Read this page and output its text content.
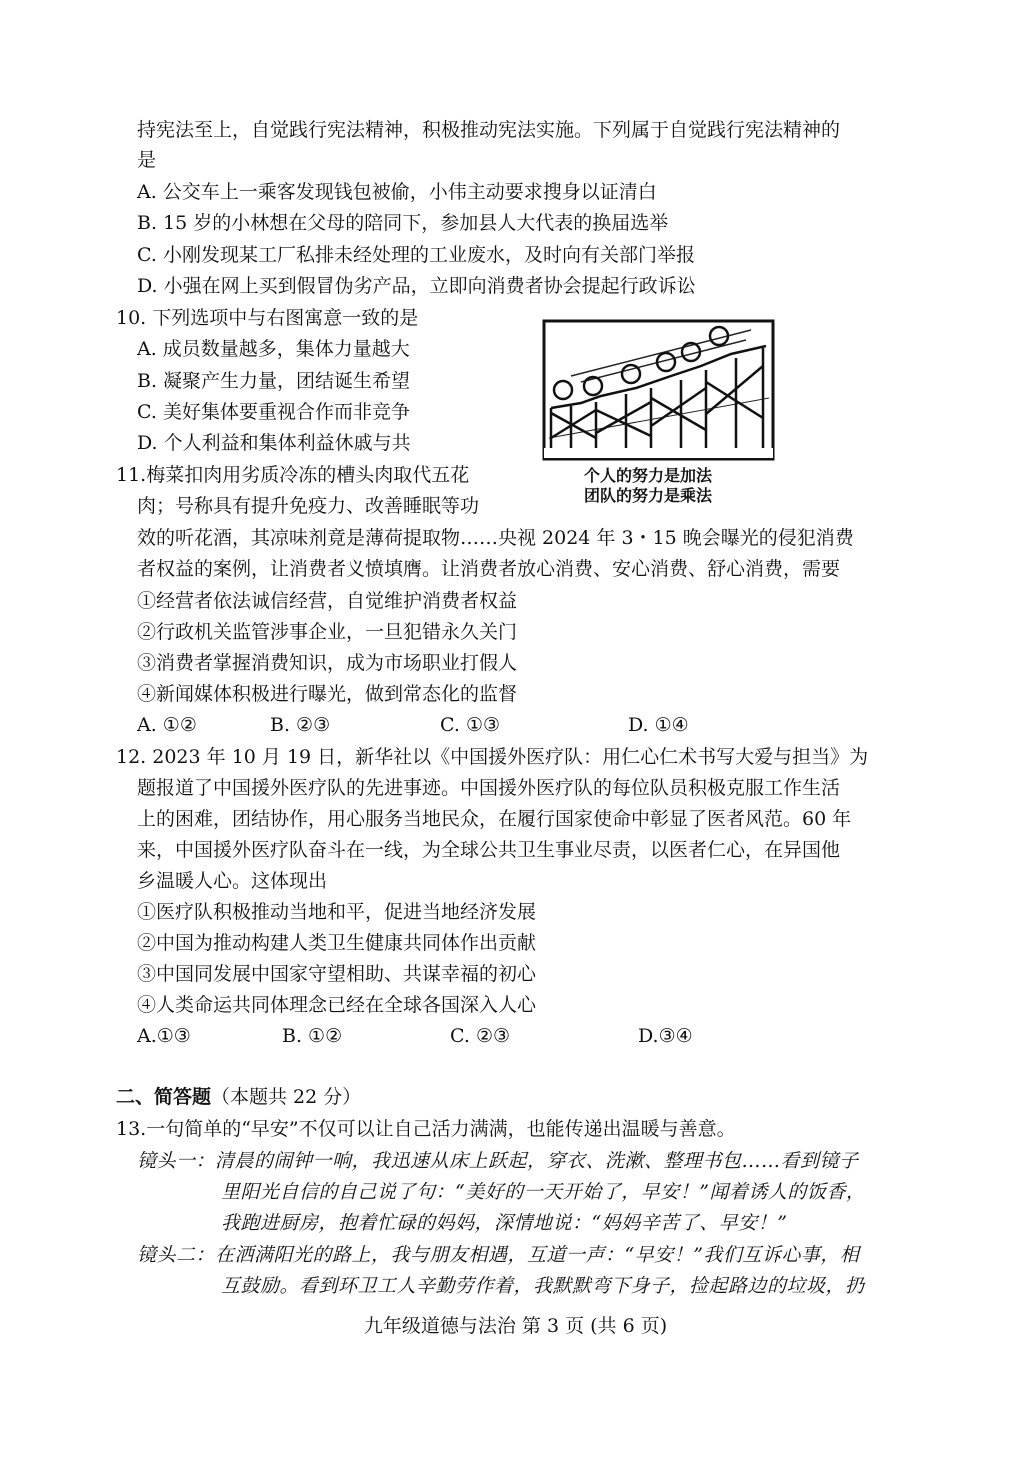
持宪法至上，自觉践行宪法精神，积极推动宪法实施。下列属于自觉践行宪法精神的
是
A. 公交车上一乘客发现钱包被偷，小伟主动要求搜身以证清白
B. 15 岁的小林想在父母的陪同下，参加县人大代表的换届选举
C. 小刚发现某工厂私排未经处理的工业废水，及时向有关部门举报
D. 小强在网上买到假冒伪劣产品，立即向消费者协会提起行政诉讼
10. 下列选项中与右图寓意一致的是
A. 成员数量越多，集体力量越大
B. 凝聚产生力量，团结诞生希望
C. 美好集体要重视合作而非竞争
D. 个人利益和集体利益休戚与共
个人的努力是加法
团队的努力是乘法
11.梅菜扣肉用劣质冷冻的槽头肉取代五花
肉；号称具有提升免疫力、改善睡眠等功
效的听花酒，其凉味剂竟是薄荷提取物……央视 2024 年 3・15 晚会曝光的侵犯消费
者权益的案例，让消费者义愤填膺。让消费者放心消费、安心消费、舒心消费，需要
①经营者依法诚信经营，自觉维护消费者权益
②行政机关监管涉事企业，一旦犯错永久关门
③消费者掌握消费知识，成为市场职业打假人
④新闻媒体积极进行曝光，做到常态化的监督
A. ①②	B. ②③	C. ①③	D. ①④
12. 2023 年 10 月 19 日，新华社以《中国援外医疗队：用仁心仁术书写大爱与担当》为
题报道了中国援外医疗队的先进事迹。中国援外医疗队的每位队员积极克服工作生活
上的困难，团结协作，用心服务当地民众，在履行国家使命中彰显了医者风范。60 年
来，中国援外医疗队奋斗在一线，为全球公共卫生事业尽责，以医者仁心，在异国他
乡温暖人心。这体现出
①医疗队积极推动当地和平，促进当地经济发展
②中国为推动构建人类卫生健康共同体作出贡献
③中国同发展中国家守望相助、共谋幸福的初心
④人类命运共同体理念已经在全球各国深入人心
A.①③	B. ①②	C. ②③	D.③④
二、简答题（本题共 22 分）
13.一句简单的“早安”不仅可以让自己活力满满，也能传递出温暖与善意。
镜头一：清晨的闹钟一响，我迅速从床上跃起，穿衣、洗漱、整理书包……看到镜子
里阳光自信的自己说了句：“美好的一天开始了，早安！”闻着诱人的饭香，
我跑进厨房，抱着忙碌的妈妈，深情地说：“妈妈辛苦了、早安！”
镜头二：在洒满阳光的路上，我与朋友相遇，互道一声：“早安！”我们互诉心事，相
互鼓励。看到环卫工人辛勤劳作着，我默默弯下身子，捡起路边的垃圾，扔
九年级道德与法治 第 3 页 (共 6 页)
